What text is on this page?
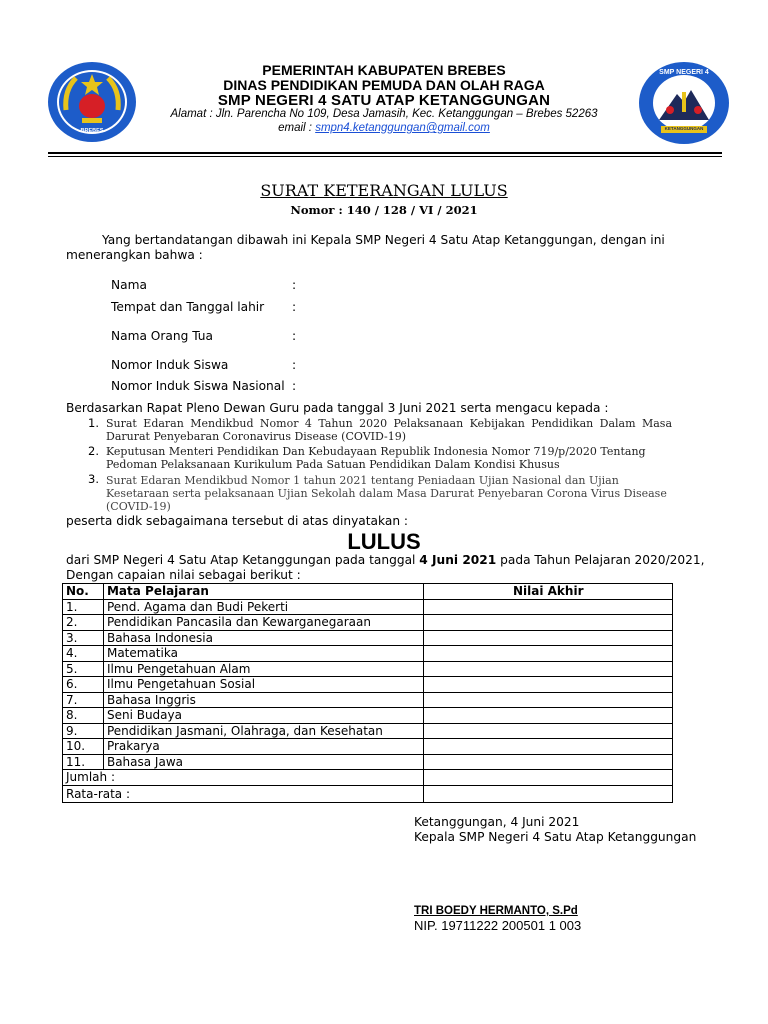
BREBES
SMP NEGERI 4
KETANGGUNGAN
PEMERINTAH KABUPATEN BREBES
DINAS PENDIDIKAN PEMUDA DAN OLAH RAGA
SMP NEGERI 4 SATU ATAP KETANGGUNGAN
Alamat : Jln. Parencha No 109, Desa Jamasih, Kec. Ketanggungan – Brebes 52263
email : smpn4.ketanggungan@gmail.com
SURAT KETERANGAN LULUS
Nomor : 140 / 128 / VI / 2021
Yang bertandatangan dibawah ini Kepala SMP Negeri 4 Satu Atap Ketanggungan, dengan ini
menerangkan bahwa :
Nama	:
Tempat dan Tanggal lahir :
Nama Orang Tua	:
Nomor Induk Siswa	:
Nomor Induk Siswa Nasional :
Berdasarkan Rapat Pleno Dewan Guru pada tanggal 3 Juni 2021 serta mengacu kepada :
1. Surat Edaran Mendikbud Nomor 4 Tahun 2020 Pelaksanaan Kebijakan Pendidikan Dalam Masa
Darurat Penyebaran Coronavirus Disease (COVID-19)
2. Keputusan Menteri Pendidikan Dan Kebudayaan Republik Indonesia Nomor 719/p/2020 Tentang
Pedoman Pelaksanaan Kurikulum Pada Satuan Pendidikan Dalam Kondisi Khusus
3. Surat Edaran Mendikbud Nomor 1 tahun 2021 tentang Peniadaan Ujian Nasional dan Ujian
Kesetaraan serta pelaksanaan Ujian Sekolah dalam Masa Darurat Penyebaran Corona Virus Disease
(COVID-19)
peserta didk sebagaimana tersebut di atas dinyatakan :
LULUS
dari SMP Negeri 4 Satu Atap Ketanggungan pada tanggal 4 Juni 2021 pada Tahun Pelajaran 2020/2021,
Dengan capaian nilai sebagai berikut :
No.	Mata Pelajaran	Nilai Akhir
1.	Pend. Agama dan Budi Pekerti	
2.	Pendidikan Pancasila dan Kewarganegaraan	
3.	Bahasa Indonesia	
4.	Matematika	
5.	Ilmu Pengetahuan Alam	
6.	Ilmu Pengetahuan Sosial	
7.	Bahasa Inggris	
8.	Seni Budaya	
9.	Pendidikan Jasmani, Olahraga, dan Kesehatan	
10.	Prakarya	
11.	Bahasa Jawa	
Jumlah :		
Rata-rata :		
Ketanggungan, 4 Juni 2021
Kepala SMP Negeri 4 Satu Atap Ketanggungan
TRI BOEDY HERMANTO, S.Pd
NIP. 19711222 200501 1 003
